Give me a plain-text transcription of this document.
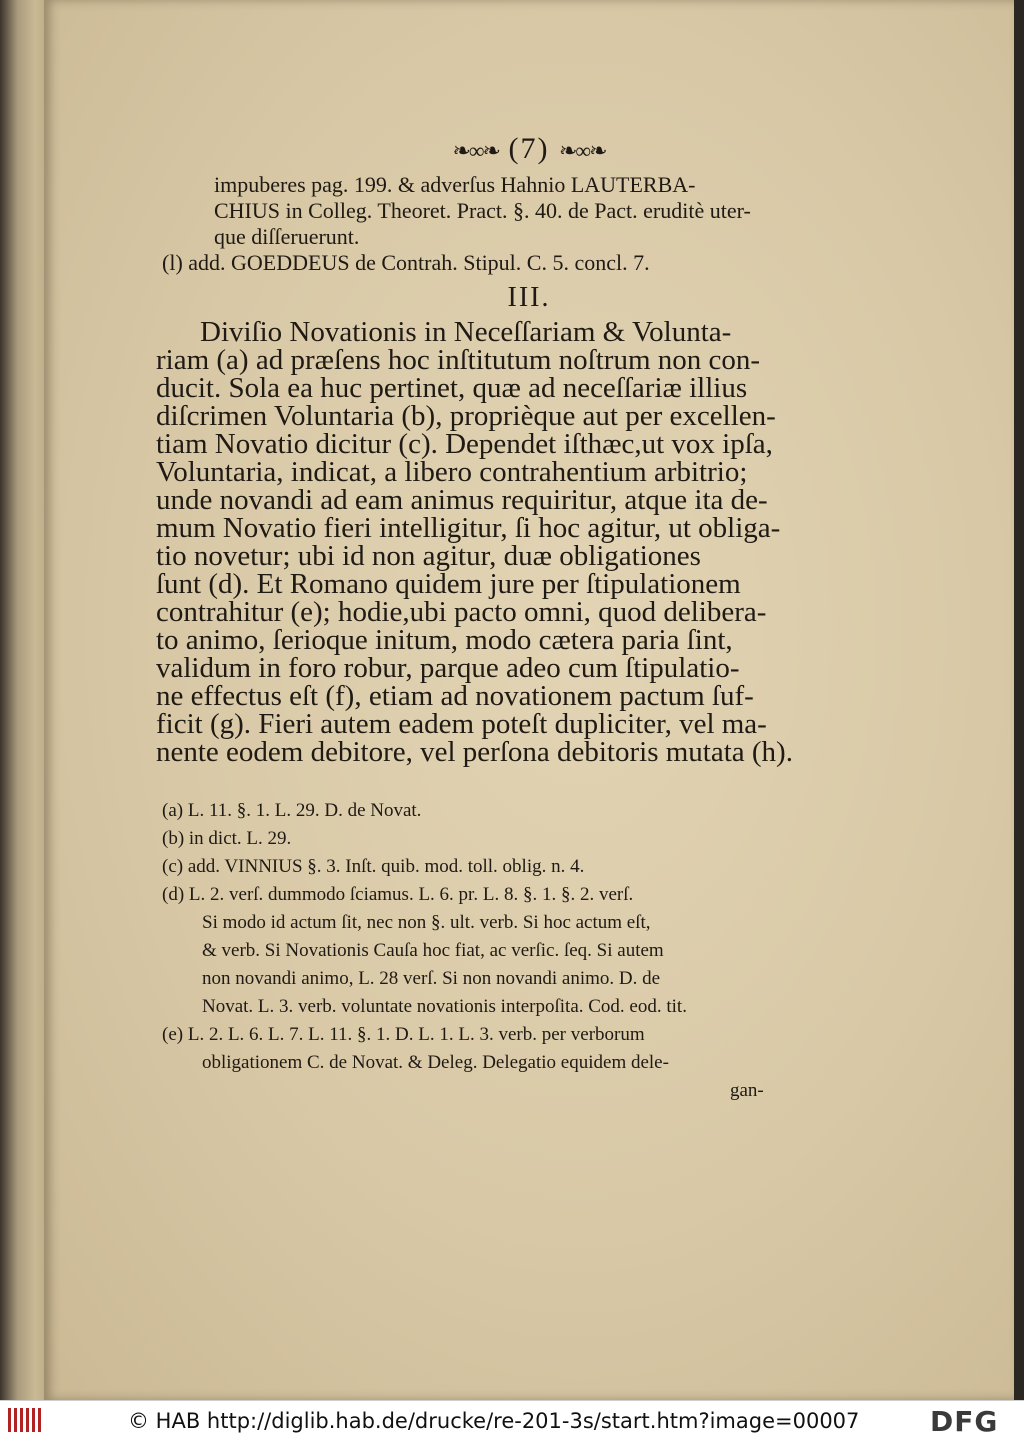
❧∞❧ (7) ❧∞❧
impuberes pag. 199. & adverſus Hahnio LAUTERBA-
CHIUS in Colleg. Theoret. Pract. §. 40. de Pact. eruditè uter-
que diſſeruerunt.
(l) add. GOEDDEUS de Contrah. Stipul. C. 5. concl. 7.
III.
Diviſio Novationis in Neceſſariam & Volunta-
riam (a) ad præſens hoc inſtitutum noſtrum non con-
ducit. Sola ea huc pertinet, quæ ad neceſſariæ illius
diſcrimen Voluntaria (b), proprièque aut per excellen-
tiam Novatio dicitur (c). Dependet iſthæc,ut vox ipſa,
Voluntaria, indicat, a libero contrahentium arbitrio;
unde novandi ad eam animus requiritur, atque ita de-
mum Novatio fieri intelligitur, ſi hoc agitur, ut obliga-
tio novetur; ubi id non agitur, duæ obligationes
ſunt (d). Et Romano quidem jure per ſtipulationem
contrahitur (e); hodie,ubi pacto omni, quod delibera-
to animo, ſerioque initum, modo cætera paria ſint,
validum in foro robur, parque adeo cum ſtipulatio-
ne effectus eſt (f), etiam ad novationem pactum ſuf-
ficit (g). Fieri autem eadem poteſt dupliciter, vel ma-
nente eodem debitore, vel perſona debitoris mutata (h).
(a) L. 11. §. 1. L. 29. D. de Novat.
(b) in dict. L. 29.
(c) add. VINNIUS §. 3. Inſt. quib. mod. toll. oblig. n. 4.
(d) L. 2. verſ. dummodo ſciamus. L. 6. pr. L. 8. §. 1. §. 2. verſ.
Si modo id actum ſit, nec non §. ult. verb. Si hoc actum eſt,
& verb. Si Novationis Cauſa hoc fiat, ac verſic. ſeq. Si autem
non novandi animo, L. 28 verſ. Si non novandi animo. D. de
Novat. L. 3. verb. voluntate novationis interpoſita. Cod. eod. tit.
(e) L. 2. L. 6. L. 7. L. 11. §. 1. D. L. 1. L. 3. verb. per verborum
obligationem C. de Novat. & Deleg. Delegatio equidem dele-
gan-
© HAB http://diglib.hab.de/drucke/re-201-3s/start.htm?image=00007	DFG
